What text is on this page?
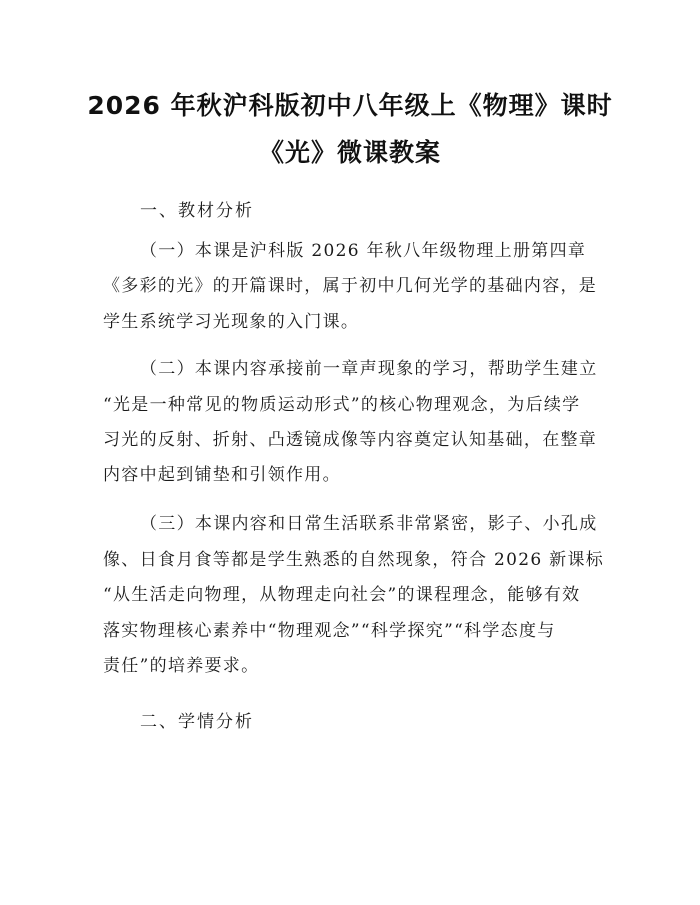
2026 年秋沪科版初中八年级上《物理》课时
《光》微课教案
一、教材分析
（一）本课是沪科版 2026 年秋八年级物理上册第四章
《多彩的光》的开篇课时，属于初中几何光学的基础内容，是
学生系统学习光现象的入门课。
（二）本课内容承接前一章声现象的学习，帮助学生建立
“光是一种常见的物质运动形式”的核心物理观念，为后续学
习光的反射、折射、凸透镜成像等内容奠定认知基础，在整章
内容中起到铺垫和引领作用。
（三）本课内容和日常生活联系非常紧密，影子、小孔成
像、日食月食等都是学生熟悉的自然现象，符合 2026 新课标
“从生活走向物理，从物理走向社会”的课程理念，能够有效
落实物理核心素养中“物理观念”“科学探究”“科学态度与
责任”的培养要求。
二、学情分析
